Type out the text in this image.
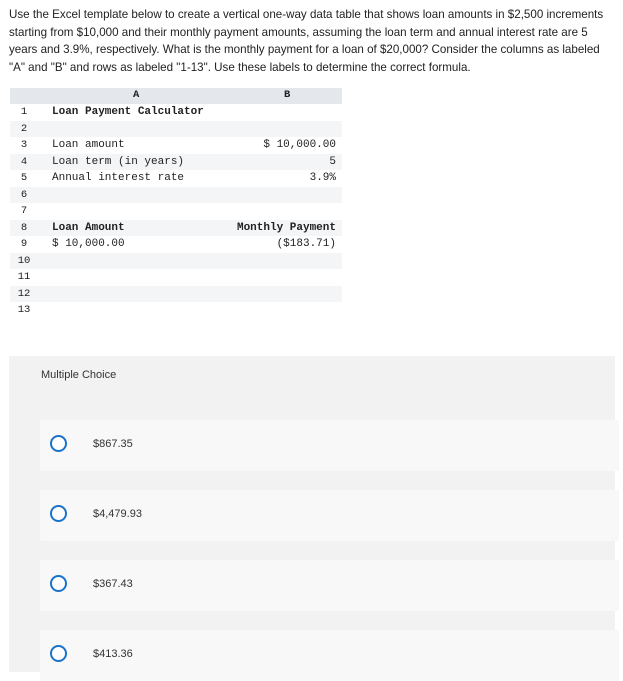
Use the Excel template below to create a vertical one-way data table that shows loan amounts in $2,500 increments starting from $10,000 and their monthly payment amounts, assuming the loan term and annual interest rate are 5 years and 3.9%, respectively. What is the monthly payment for a loan of $20,000? Consider the columns as labeled "A" and "B" and rows as labeled "1-13". Use these labels to determine the correct formula.
A	B
1	Loan Payment Calculator
2
3	Loan amount	$ 10,000.00
4	Loan term (in years)	5
5	Annual interest rate	3.9%
6
7
8	Loan Amount	Monthly Payment
9	$ 10,000.00	($183.71)
10
11
12
13
Multiple Choice
$867.35
$4,479.93
$367.43
$413.36
